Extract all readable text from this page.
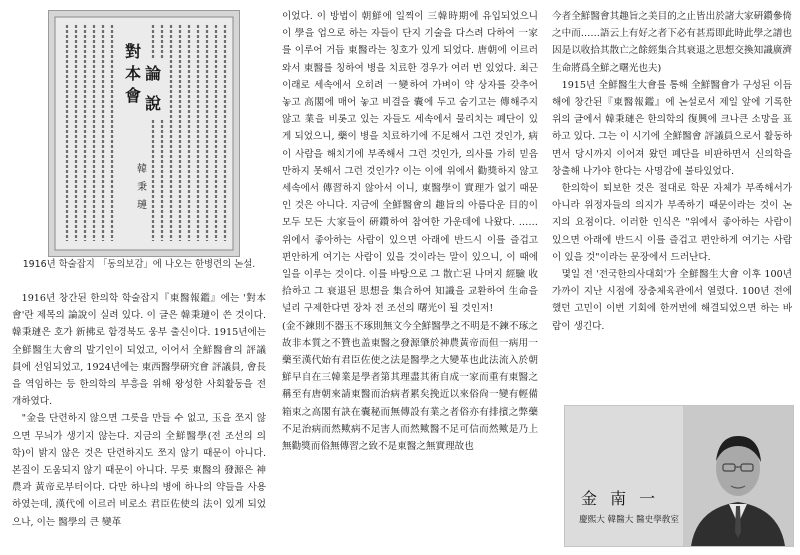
對本會
論說
韓 秉 璉
1916년 학술잡지 「동의보감」에 나오는 한병련의 논설.

1916년 창간된 한의학 학술잡지『東醫報鑑』에는 '對本會'란 제목의 論說이 실려 있다. 이 글은 韓秉璉이 쓴 것이다. 韓秉璉은 호가 新拂로 함경북도 웅부 출신이다. 1915년에는 全鮮醫生大會의 발기인이 되었고, 이어서 全鮮醫會의 評議員에 선임되었고, 1924년에는 東西醫學硏究會 評議員, 會長을 역임하는 등 한의학의 부흥을 위해 왕성한 사회활동을 전개하였다.

"金을 단련하지 않으면 그릇을 만들 수 없고, 玉을 쪼지 않으면 무늬가 생기지 않는다. 지금의 全鮮醫學(전 조선의 의학)이 밝지 않은 것은 단련하지도 쪼지 않기 때문이 아니다. 본질이 도움되지 않기 때문이 아니다. 무릇 東醫의 發源은 神農과 黃帝로부터이다. 다만 하나의 병에 하나의 약들을 사용하였는데, 漢代에 이르러 비로소 君臣佐使의 法이 있게 되었으나, 이는 醫學의 큰 變革

이었다. 이 방법이 朝鮮에 일찍이 三韓時期에 유입되었으니 이 學을 업으로 하는 자들이 단지 기술을 다스려 다하여 一家를 이루어 거듭 東醫라는 칭호가 있게 되었다. 唐朝에 이르러 와서 東醫를 칭하여 병을 치료한 경우가 여러 번 있었다. 최근 이래로 세속에서 오히려 一變하여 가벼이 약 상자를 갖추어 놓고 高閣에 매어 놓고 비결을 囊에 두고 숨기고는 傳해주지 않고 業을 비롯고 있는 자들도 세속에서 물리치는 폐단이 있게 되었으니, 藥이 병을 치료하기에 不足해서 그런 것인가, 病이 사람을 해치기에 부족해서 그런 것인가, 의사를 가히 믿음만하지 못해서 그런 것인가? 이는 이에 위에서 勸獎하지 않고 세속에서 傳習하지 않아서 이니, 東醫學이 實理가 없기 때문인 것은 아니다. 지금에 全鮮醫會의 趣旨의 아름다운 目的이 모두 모든 大家들이 硏鑽하여 참여한 가운데에 나왔다. ……위에서 좋아하는 사람이 있으면 아래에 반드시 이를 즐겁고 편안하게 여기는 사람이 있을 것이라는 말이 있으니, 이 때에 일을 이루는 것이다. 이를 바탕으로 그 散亡된 나머지 經驗 收拾하고 그 衰退된 思想을 集合하여 知識을 교환하여 生命을 널리 구제한다면 장차 전 조선의 曙光이 될 것인저!

(金不鍊則不器玉不琢則無文今全鮮醫學之不明是不鍊不琢之故非本質之不贊也盖東醫之發源肇於神農黃帝而但一病用一藥至漢代始有君臣佐使之法是醫學之大變革也此法流入於朝鮮早自在三韓業是學者第其理盡其術自成一家而重有東醫之稱至有唐朝來請東醫而治病者累矣挽近以來俗尙一變有輕備箱束之高閣有訣在囊秘而無傳設有業之者俗亦有排擯之弊藥不足治病而然歟病不足害人而然歟醫不足可信而然歟是乃上無勸獎而俗無傳習之致不是東醫之無實理故也

今者全鮮醫會其趣旨之美目的之止皆出於諸大家硏鑽參倚之中而……語云上有好之者下必有甚焉即此時此學之譜也因是以收拾其散亡之餘經集合其衰退之思想交換知識廣濟生命將爲全鮮之曙光也夫)

1915년 全鮮醫生大會를 통해 全鮮醫會가 구성된 이듬해에 창간된『東醫報鑑』에 논설로서 제일 앞에 기록한 위의 글에서 韓秉璉은 한의학의 復興에 크나큰 소망을 표하고 있다. 그는 이 시기에 全鮮醫會 評議員으로서 활동하면서 당시까지 이어져 왔던 폐단을 비판하면서 신의학을 창출해 나가야 한다는 사명감에 불타있었다.

한의학이 퇴보한 것은 절대로 학문 자체가 부족해서가 아니라 위정자들의 의지가 부족하기 때문이라는 것이 논지의 요점이다. 이러한 인식은 "위에서 좋아하는 사람이 있으면 아래에 반드시 이를 즐겁고 편안하게 여기는 사람이 있을 것"이라는 문장에서 드러난다.

몇일 전 '전국한의사대회'가 全鮮醫生大會 이후 100년 가까이 지난 시점에 장충체육관에서 열렸다. 100년 전에 했던 고민이 이번 기회에 한꺼번에 해결되었으면 하는 바람이 생긴다.

金 南 一
慶熙大 韓醫大 醫史學敎室
